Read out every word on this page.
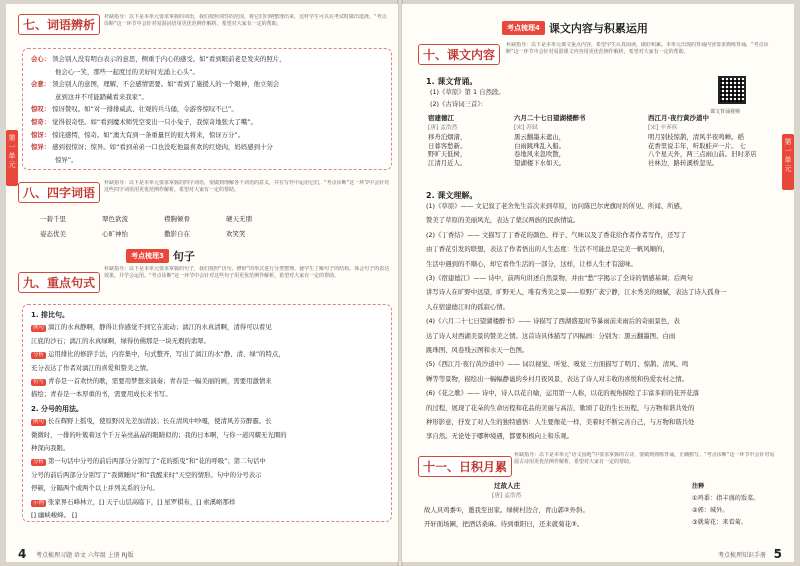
第一单元
七、词语辨析
补缺指导：以下是本单元要求掌握的词语，我们按照词性的范围，将它们归纳整理出来，这样学生可以在考试时做出选择，“考点诊断”这一环节中会针对易混词语用更优范例作解析，希望对大家有一定的帮助。
会心： 领会别人没有明白表示的意思，侧重于内心的感受。如“看到眼前老是发夹的照片，
他会心一笑，那些一起度过的美好时光涌上心头”。
会意： 领会别人的意图，理解，不会感情需要。如“看到了施援人的一个眼神，他立刻会
意到这并不可能踏藏看来我家”。
惊叹： 惊讶赞叹。如“对一排排威武、壮观的兵马俑，令游客惊叹不已”。
惊奇： 觉得很奇怪。如“看到魔术师凭空变出一只小兔子，我惊奇地张大了嘴”。
惊讶： 惊诧感愕，惊奇。如“澳大有到一条重量巨的很大将来，惊讶万分”。
惊异： 感到很惊讶；惊异。如“看到弟弟一口也没吃他最喜欢的红烧肉，妈妈感到十分
惊异”。
八、四字词语
补缺指导：以下是本单元要求掌握的四字词语，要做到理解各个词语的意义，并在写作中运用它们，“考点诊断”这一环节中会针对这些四字词语用更优范例作解析，希望对大家有一定的帮助。
一碧千里	翠色欲流	襟胸倾骨	硬天无朋
姿态优美	心旷神怡	撒影自在	欢笑笑
考点梳理3 句子
九、重点句式
补缺指导：以下是本单元要求掌握的句子，我们按照“仿句、修辞”的形式进行分类整理，使学生了解句子的结构，体会句子的表达效果，并学会运用。“考点诊断”这一环节中会针对这些句子用更优范例作解析，希望对大家有一定的帮助。
1. 排比句。
例句 漓江的水真静啊，静得让你感觉不到它在流动；漓江的水真清啊，清得可以看见
江底的沙石；漓江的水真绿啊，绿得仿佛那是一块无瑕的翡翠。
分析 运用排比的修辞手法，内容集中，句式整齐，写出了漓江的水“静、清、绿”的特点，
充分表达了作者对漓江的喜爱和赞美之情。
仿写 青春是一首欢快的歌，需要用梦想来演奏；青春是一幅美丽的画，需要用激情来
描绘；青春是一本厚重的书，需要用成长来书写。
2. 分号的用法。
例句 长在辉野上摇曳，使原野闪光差加清波；长在清风中吵嘎，使清风芳芬醉霸。长
微微时，一排的叶簇着这个千万朵亮晶晶的眼睛似的；我的日本啊，与你一道闪耀无光圈的
种深向我眼。
分析 第一句话中分号的前后两部分分别写了“花的摇曳”和“花的呼吸”；第二句话中
分号的前后两部分分别写了“我微睡时”和“我醒来时”天空的情形。句中的分号表示
停顿，分隔两个或两个以上并列关系的分句。
示例 张家界石峰林立，[] 天子山层高临下，[] 星罗棋布，[] 索溪峪那样
[] 幽峡峻峰。 []
4 考点梳理习题 语文 六年级 上册 RJ版
第一单元
考点梳理4 课文内容与积累运用
十、课文内容
补缺指导：以下是本单元课文重点内容，希望学生认真阅读，做好积累。本单元出现的背诵内容要求熟练背诵，“考点诊断”这一环节中会针对易混课文内容用更优范例作解析，希望对大家有一定的帮助。
课文背诵视频
1. 课文背诵。
(1)《草原》第 1 自然段。
(2)《古诗词三首》：
宿建德江
[唐] 孟浩然
移舟泊烟渚，
日暮客愁新。
野旷天低树，
江清月近人。
六月二十七日望湖楼醉书
[宋] 苏轼
黑云翻墨未遮山，
白雨跳珠乱入船。
卷地风来忽吹散，
望湖楼下水如天。
西江月·夜行黄沙道中
[宋] 辛弃疾
明月别枝惊鹊，清风半夜鸣蝉。稻
花香里说丰年，听取蛙声一片。 七
八个星天外，两三点雨山前。旧时茅店
社林边，路转溪桥忽见。
2. 课文理解。
(1)《草原》—— 文记叙了老舍先生首次来到草原，访问陈巴尔虎旗时的所见、所闻、所感，
赞美了草原的美丽风光，表达了蒙汉两族的民族情谊。
(2)《丁香结》—— 文描写了丁香花的颜色、样子、气味以及了香花给作者作者写作，还写了
由丁香花引发的联想，表达了作者悟出的人生态度：生活不可能总是完美一帆风顺的，
生活中遇到的不顺心，却它看作生活的一部分，这样，让样人生才有滋味。
(3)《宿建德江》—— 诗中，前两句讲述自然景物，并由“愁”字揭示了全诗的情感基调；后两句
讲写诗人在旷野中远望，旷野无人，唯有秀美之景——原野广袤宁静，江水秀美的细腻，表达了诗人孤身一
人在宿建德江时的孤寂心情。
(4)《六月二十七日望湖楼醉书》—— 诗描写了西湖盛夏时节暴雨前来雨后的奇丽景色，表
达了诗人对西湖美景的赞美之情。这首诗具体描写了四幅画：分别为：黑云翻墨图、白雨
跳珠图、风卷残云图和水天一色图。
(5)《西江月·夜行黄沙道中》—— 词以视觉、听觉、嗅觉三方面描写了明月、惊鹊、清风、鸣
蝉等等景物，描绘出一幅幅静谧的乡村月夜风景，表达了诗人对丰收的喜悦和热爱农村之情。
(6)《花之歌》—— 诗中，诗人以花自喻，运用第一人称，以花的视角描绘了丰富多彩的花开花落
的过程，展现了花朵的生命历程和花品的美丽与高洁，歌颂了花的生长历程，与万物和谐共处的
种形影意，抒发了对人生的独特感悟：人生要像花一样，美着时不断完善自己，与万物和谐共处
享自然。无论处于哪种境遇，都要积极向上和乐观。
十一、日积月累
补缺指导：以下是本单元“语文园地”中要求掌握的古诗，要做到熟练背诵，正确默写。“考点诊断”这一环节中会针对易混古诗用更优范例作解析，希望对大家有一定的帮助。
过故人庄
[唐] 孟浩然
故人具鸡黍①，邀我至田家。绿树村边合，青山郭②外斜。
开轩面场圃，把酒话桑麻。待到重阳日，还来就菊花③。
注释
①鸡黍：指丰盛的饭菜。
②郭：城外。
③就菊花：来看菊。
考点梳理知识手册 5
